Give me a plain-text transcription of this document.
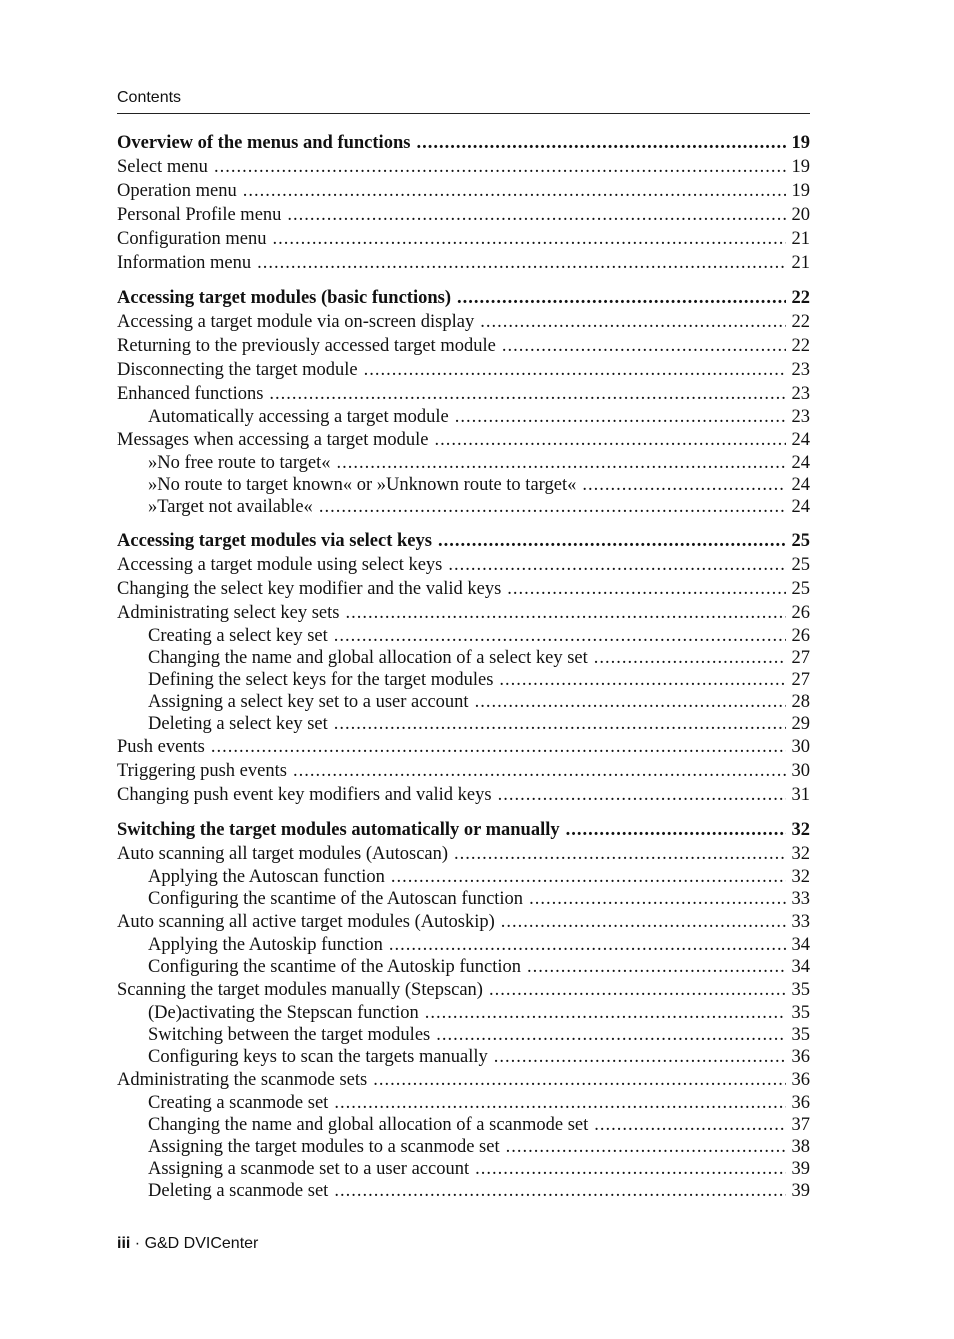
Contents
Overview of the menus and functions .....	19
Select menu .....	19
Operation menu .....	19
Personal Profile menu .....	20
Configuration menu .....	21
Information menu .....	21
Accessing target modules (basic functions) .....	22
Accessing a target module via on-screen display .....	22
Returning to the previously accessed target module .....	22
Disconnecting the target module .....	23
Enhanced functions .....	23
Automatically accessing a target module .....	23
Messages when accessing a target module .....	24
»No free route to target« .....	24
»No route to target known« or »Unknown route to target« .....	24
»Target not available« .....	24
Accessing target modules via select keys .....	25
Accessing a target module using select keys .....	25
Changing the select key modifier and the valid keys .....	25
Administrating select key sets .....	26
Creating a select key set .....	26
Changing the name and global allocation of a select key set .....	27
Defining the select keys for the target modules .....	27
Assigning a select key set to a user account .....	28
Deleting a select key set .....	29
Push events .....	30
Triggering push events .....	30
Changing push event key modifiers and valid keys .....	31
Switching the target modules automatically or manually .....	32
Auto scanning all target modules (Autoscan) .....	32
Applying the Autoscan function .....	32
Configuring the scantime of the Autoscan function .....	33
Auto scanning all active target modules (Autoskip) .....	33
Applying the Autoskip function .....	34
Configuring the scantime of the Autoskip function .....	34
Scanning the target modules manually (Stepscan) .....	35
(De)activating the Stepscan function .....	35
Switching between the target modules .....	35
Configuring keys to scan the targets manually .....	36
Administrating the scanmode sets .....	36
Creating a scanmode set .....	36
Changing the name and global allocation of a scanmode set .....	37
Assigning the target modules to a scanmode set .....	38
Assigning a scanmode set to a user account .....	39
Deleting a scanmode set .....	39
iii · G&D DVICenter
